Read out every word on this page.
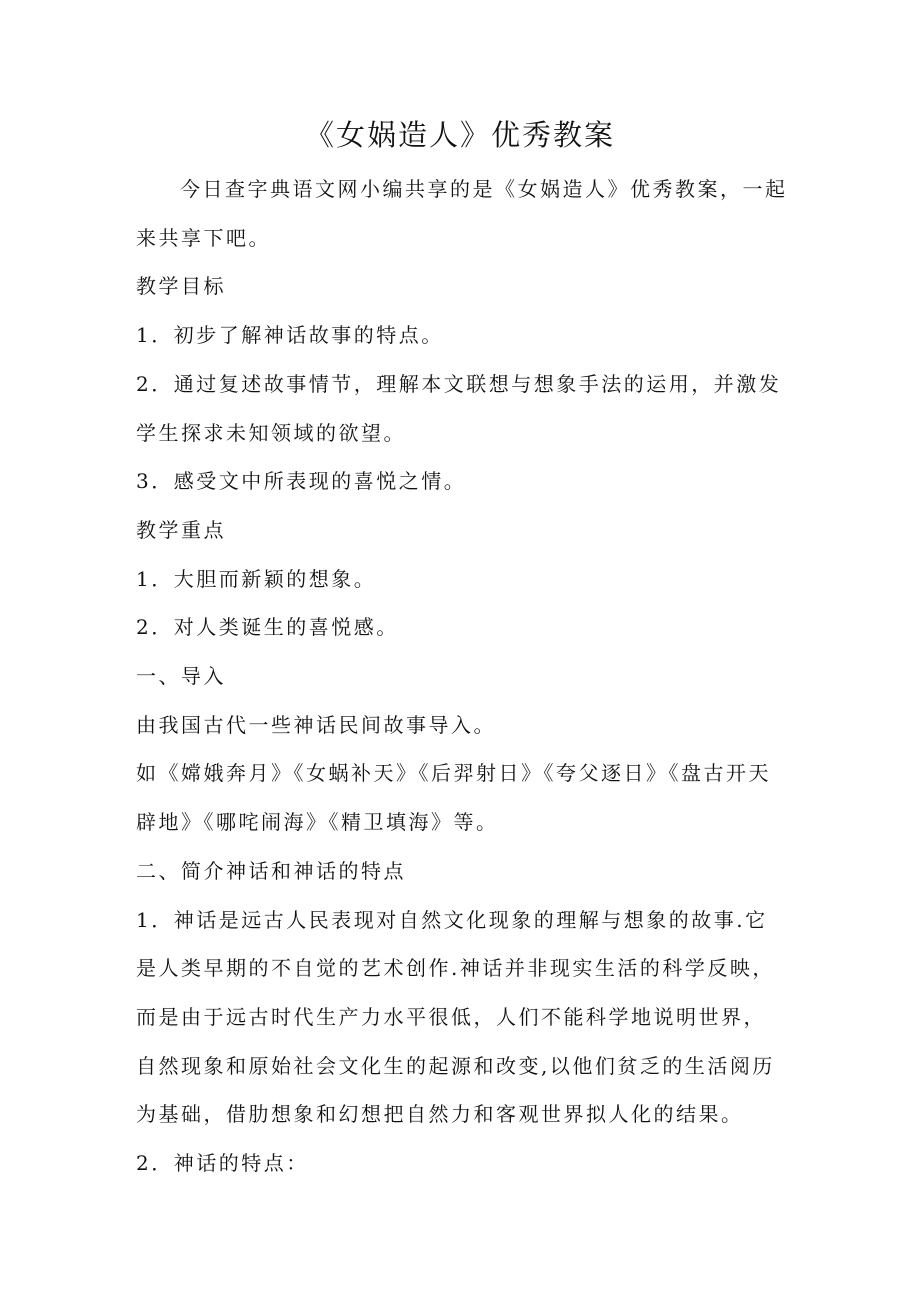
《女娲造人》优秀教案

今日查字典语文网小编共享的是《女娲造人》优秀教案，一起来共享下吧。

教学目标

1．初步了解神话故事的特点。

2．通过复述故事情节，理解本文联想与想象手法的运用，并激发学生探求未知领域的欲望。

3．感受文中所表现的喜悦之情。

教学重点

1．大胆而新颖的想象。

2．对人类诞生的喜悦感。

一、导入

由我国古代一些神话民间故事导入。

如《嫦娥奔月》《女蜗补天》《后羿射日》《夸父逐日》《盘古开天辟地》《哪咤闹海》《精卫填海》等。

二、简介神话和神话的特点

1．神话是远古人民表现对自然文化现象的理解与想象的故事.它是人类早期的不自觉的艺术创作.神话并非现实生活的科学反映，而是由于远古时代生产力水平很低，人们不能科学地说明世界，自然现象和原始社会文化生的起源和改变,以他们贫乏的生活阅历为基础，借肋想象和幻想把自然力和客观世界拟人化的结果。

2．神话的特点：
